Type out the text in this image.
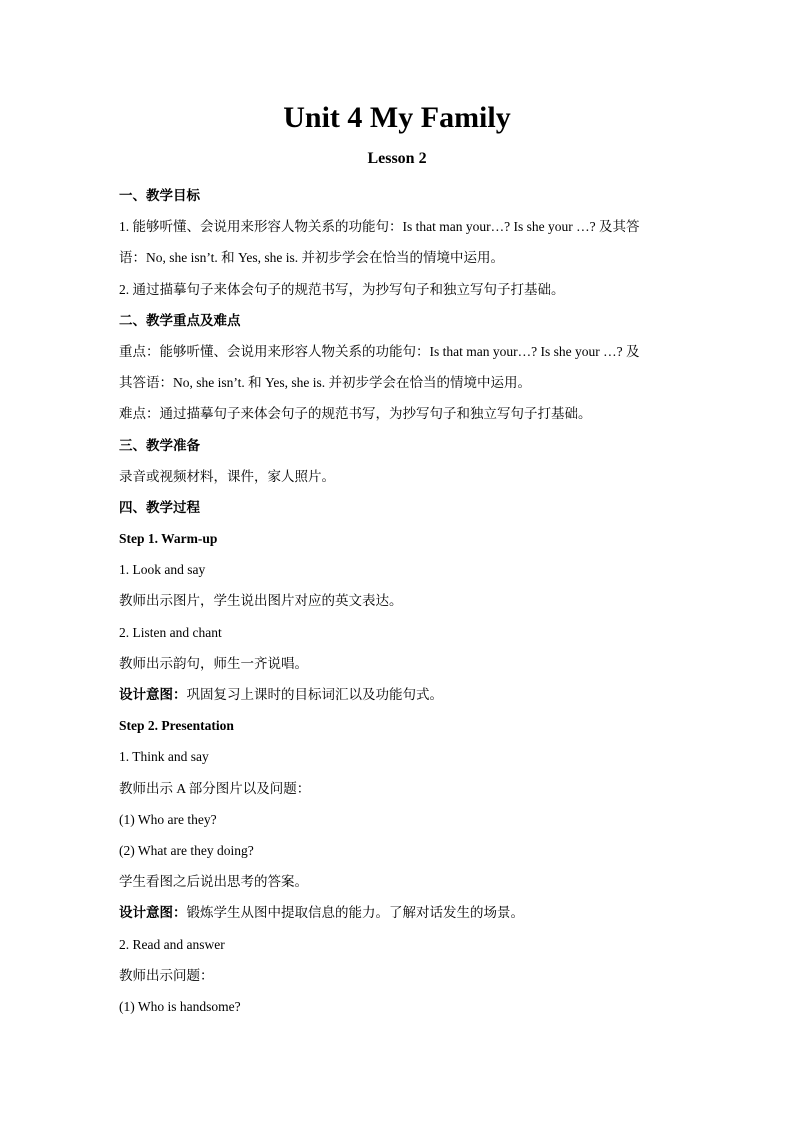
Unit 4 My Family
Lesson 2
一、教学目标
1. 能够听懂、会说用来形容人物关系的功能句：Is that man your…? Is she your …? 及其答
语：No, she isn’t. 和 Yes, she is. 并初步学会在恰当的情境中运用。
2. 通过描摹句子来体会句子的规范书写，为抄写句子和独立写句子打基础。
二、教学重点及难点
重点：能够听懂、会说用来形容人物关系的功能句：Is that man your…? Is she your …? 及
其答语：No, she isn’t. 和 Yes, she is. 并初步学会在恰当的情境中运用。
难点：通过描摹句子来体会句子的规范书写，为抄写句子和独立写句子打基础。
三、教学准备
录音或视频材料，课件，家人照片。
四、教学过程
Step 1. Warm-up
1. Look and say
教师出示图片，学生说出图片对应的英文表达。
2. Listen and chant
教师出示韵句，师生一齐说唱。
设计意图：巩固复习上课时的目标词汇以及功能句式。
Step 2. Presentation
1. Think and say
教师出示 A 部分图片以及问题：
(1) Who are they?
(2) What are they doing?
学生看图之后说出思考的答案。
设计意图：锻炼学生从图中提取信息的能力。了解对话发生的场景。
2. Read and answer
教师出示问题：
(1) Who is handsome?
